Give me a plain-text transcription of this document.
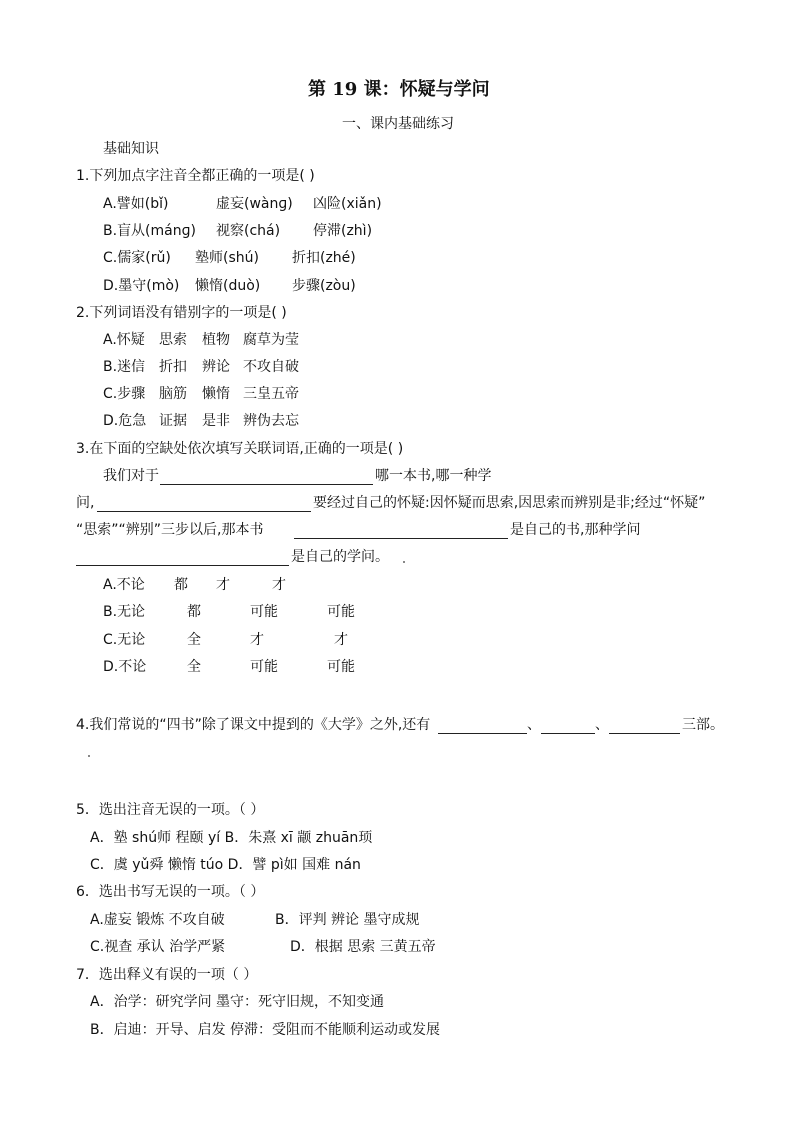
第 19 课：怀疑与学问
一、课内基础练习
基础知识
1.下列加点字注音全都正确的一项是( )
A.譬如(bǐ)	虚妄(wànɡ) 凶险(xiǎn)
B.盲从(mánɡ) 视察(chá) 停滞(zhì)
C.儒家(rǔ) 塾师(shú) 折扣(zhé)
D.墨守(mò) 懒惰(duò) 步骤(zòu)
2.下列词语没有错别字的一项是( )
A.怀疑 思索 植物 腐草为莹
B.迷信 折扣 辨论 不攻自破
C.步骤 脑筋 懒惰 三皇五帝
D.危急 证据 是非 辨伪去忘
3.在下面的空缺处依次填写关联词语,正确的一项是( )
我们对于	哪一本书,哪一种学
问,	要经过自己的怀疑:因怀疑而思索,因思索而辨别是非;经过“怀疑”
“思索”“辨别”三步以后,那本书	是自己的书,那种学问
是自己的学问。
A.不论 都 才	才
B.无论	都	可能	可能
C.无论	全	才	才
D.不论	全	可能	可能
4.我们常说的“四书”除了课文中提到的《大学》之外,还有	、	、	三部。
5．选出注音无误的一项。（ ）
A．塾 shú师 程颐 yí B．朱熹 xī 颛 zhuān顼
C．虞 yǔ舜 懒惰 túo D．譬 pì如 国难 nán
6．选出书写无误的一项。（ ）
A.虚妄 锻炼 不攻自破	B．评判 辨论 墨守成规
C.视查 承认 治学严紧	D．根据 思索 三黄五帝
7．选出释义有误的一项（ ）
A．治学：研究学问 墨守：死守旧规，不知变通
B．启迪：开导、启发 停滞：受阻而不能顺利运动或发展
